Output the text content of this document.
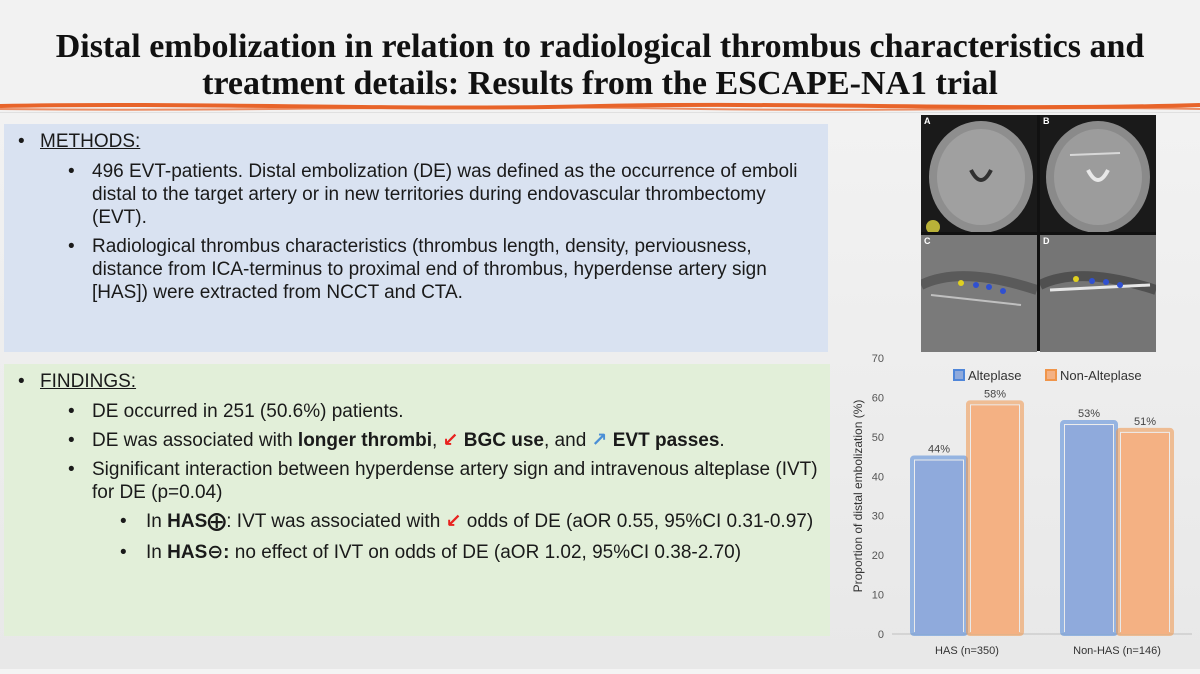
Distal embolization in relation to radiological thrombus characteristics and treatment details: Results from the ESCAPE-NA1 trial
• METHODS:
• 496 EVT-patients. Distal embolization (DE) was defined as the occurrence of emboli distal to the target artery or in new territories during endovascular thrombectomy (EVT).
• Radiological thrombus characteristics (thrombus length, density, perviousness, distance from ICA-terminus to proximal end of thrombus, hyperdense artery sign [HAS]) were extracted from NCCT and CTA.
• FINDINGS:
• DE occurred in 251 (50.6%) patients.
• DE was associated with longer thrombi, ↙ BGC use, and ↗ EVT passes.
• Significant interaction between hyperdense artery sign and intravenous alteplase (IVT) for DE (p=0.04)
• In HAS⨁: IVT was associated with ↙ odds of DE (aOR 0.55, 95%CI 0.31-0.97)
• In HAS⊖: no effect of IVT on odds of DE (aOR 1.02, 95%CI 0.38-2.70)
A	B
C	D
0
10
20
30
40
50
60
70
Proportion of distal embolization (%)
Alteplase	Non-Alteplase
44%
58%
HAS (n=350)
53%
51%
Non-HAS (n=146)
